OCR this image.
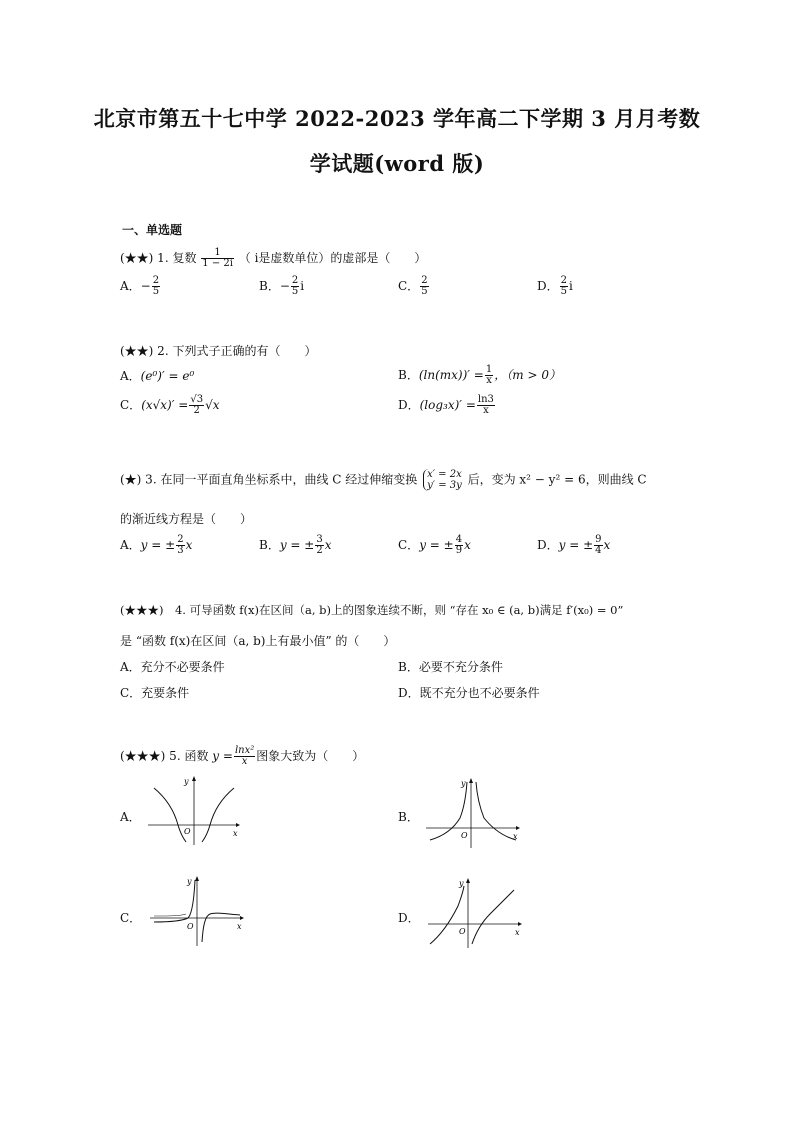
北京市第五十七中学 2022-2023 学年高二下学期 3 月月考数
学试题(word 版)
一、单选题
(★★) 1. 复数 $\frac{1}{1 - 2i}$ （ i是虚数单位）的虚部是（　　）
A．− $\frac{2}{5}$	B．− $\frac{2}{5}$ i	C． $\frac{2}{5}$	D． $\frac{2}{5}$ i
(★★) 2. 下列式子正确的有（　　）
A．(e⁰)′ = e⁰	B．$(\ln(mx))' = \frac{1}{x}$ ，（m > 0）
C．$(x√x)' = \frac{√3}{2} √x$	D．$(\log_3x)' = \frac{\ln 3}{x}$
(★) 3. 在同一平面直角坐标系中，曲线 C 经过伸缩变换 x′ = 2x
y′ = 3y 后，变为 x² − y² = 6，则曲线 C
的渐近线方程是（　　）
A．y = ± $\frac{2}{3}$ x	B．y = ± $\frac{3}{2}$ x	C．y = ± $\frac{4}{9}$ x	D．y = ± $\frac{9}{4}$ x
(★★★)　4. 可导函数 f(x)在区间（a, b)上的图象连续不断，则 “存在 x₀ ∈ (a, b)满足 f′(x₀) = 0”
是 “函数 f(x)在区间（a, b)上有最小值” 的（　　）
A．充分不必要条件	B．必要不充分条件
C．充要条件	D．既不充分也不必要条件
(★★★) 5. 函数 $y = \frac{\text{lnx²}}{x}$ 图象大致为（　　）
A．	B．
C．	D．
y
x
O
y
x
O
y
x
O
y
x
O
